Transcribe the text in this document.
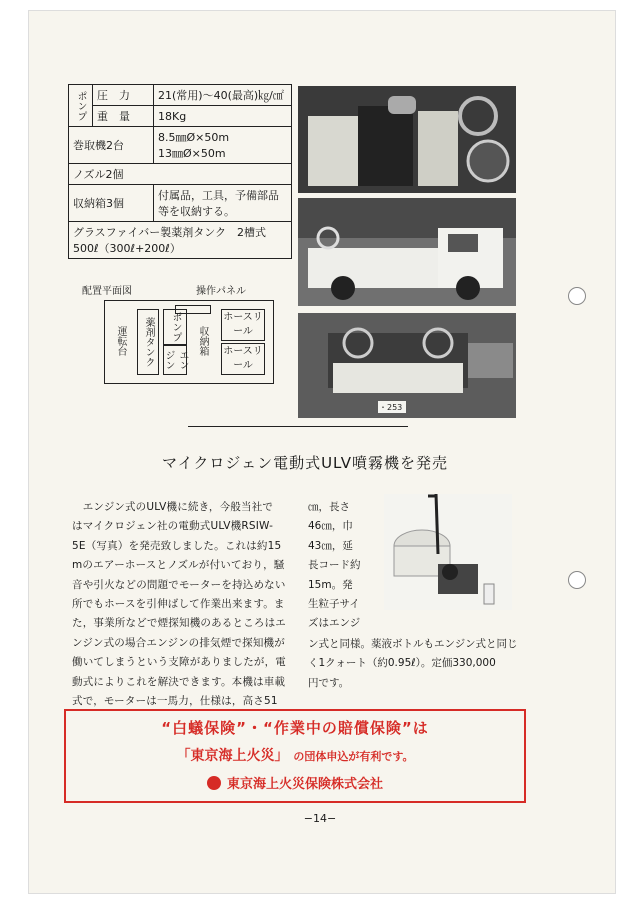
ポンプ	圧　力	21(常用)～40(最高)㎏/㎠
	重　量	18Kg
巻取機2台		8.5㎜Ø×50m
13㎜Ø×50m

ノズル2個		
収納箱3個		付属品，工具，予備部品等を収納する。

グラスファイバー製薬剤タンク　2槽式
500ℓ（300ℓ+200ℓ）		
配置平面図	操作パネル
運転台	薬剤タンク	ポンプ
エンジン
収納箱
ホースリール
ホースリール
・253
マイクロジェン電動式ULV噴霧機を発売
　エンジン式のULV機に続き，今般当社で
はマイクロジェン社の電動式ULV機RSIW-
5E（写真）を発売致しました。これは約15
mのエアーホースとノズルが付いており，騒
音や引火などの問題でモーターを持込めない
所でもホースを引伸ばして作業出来ます。ま
た，事業所などで煙探知機のあるところはエ
ンジン式の場合エンジンの排気煙で探知機が
働いてしまうという支障がありましたが，電
動式によりこれを解決できます。本機は車載
式で，モーターは一馬力，仕様は，高さ51
㎝，長さ
46㎝，巾
43㎝，延
長コード約
15m。発
生粒子サイ
ズはエンジ
ン式と同様。薬液ボトルもエンジン式と同じ
く1クォート（約0.95ℓ）。定価330,000
円です。
“白蟻保険”・“作業中の賠償保険”は
「東京海上火災」 の団体申込が有利です。
東京海上火災保険株式会社
−14−
